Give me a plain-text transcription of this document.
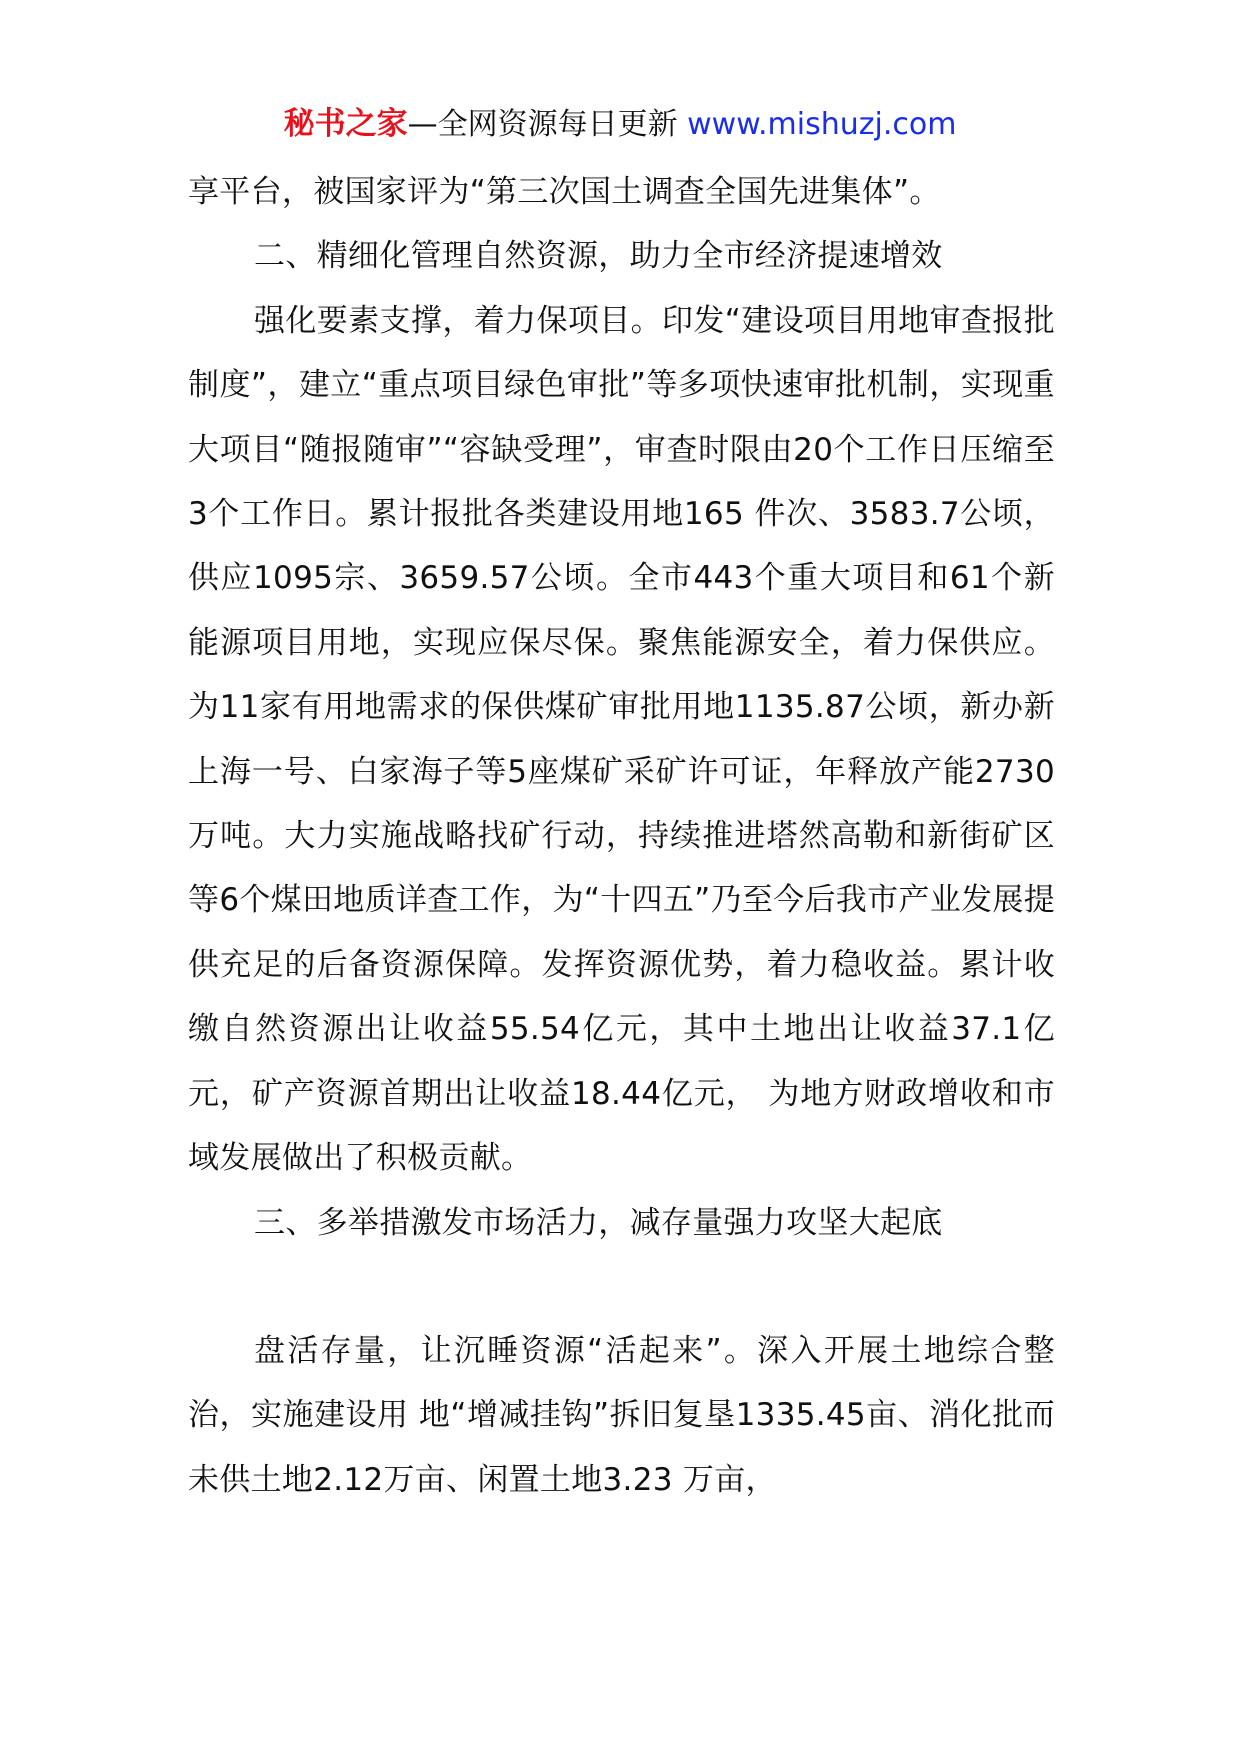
秘书之家—全网资源每日更新 www.mishuzj.com

享平台，被国家评为“第三次国土调查全国先进集体”。

二、精细化管理自然资源，助力全市经济提速增效

强化要素支撑，着力保项目。印发“建设项目用地审查报批制度”，建立“重点项目绿色审批”等多项快速审批机制，实现重大项目“随报随审”“容缺受理”，审查时限由20个工作日压缩至3个工作日。累计报批各类建设用地165 件次、3583.7公顷，供应1095宗、3659.57公顷。全市443个重大项目和61个新能源项目用地，实现应保尽保。聚焦能源安全，着力保供应。为11家有用地需求的保供煤矿审批用地1135.87公顷，新办新上海一号、白家海子等5座煤矿采矿许可证，年释放产能2730万吨。大力实施战略找矿行动，持续推进塔然高勒和新街矿区等6个煤田地质详查工作，为“十四五”乃至今后我市产业发展提供充足的后备资源保障。发挥资源优势，着力稳收益。累计收缴自然资源出让收益55.54亿元，其中土地出让收益37.1亿元，矿产资源首期出让收益18.44亿元， 为地方财政增收和市域发展做出了积极贡献。

三、多举措激发市场活力，减存量强力攻坚大起底

盘活存量，让沉睡资源“活起来”。深入开展土地综合整治，实施建设用 地“增减挂钩”拆旧复垦1335.45亩、消化批而未供土地2.12万亩、闲置土地3.23 万亩，
